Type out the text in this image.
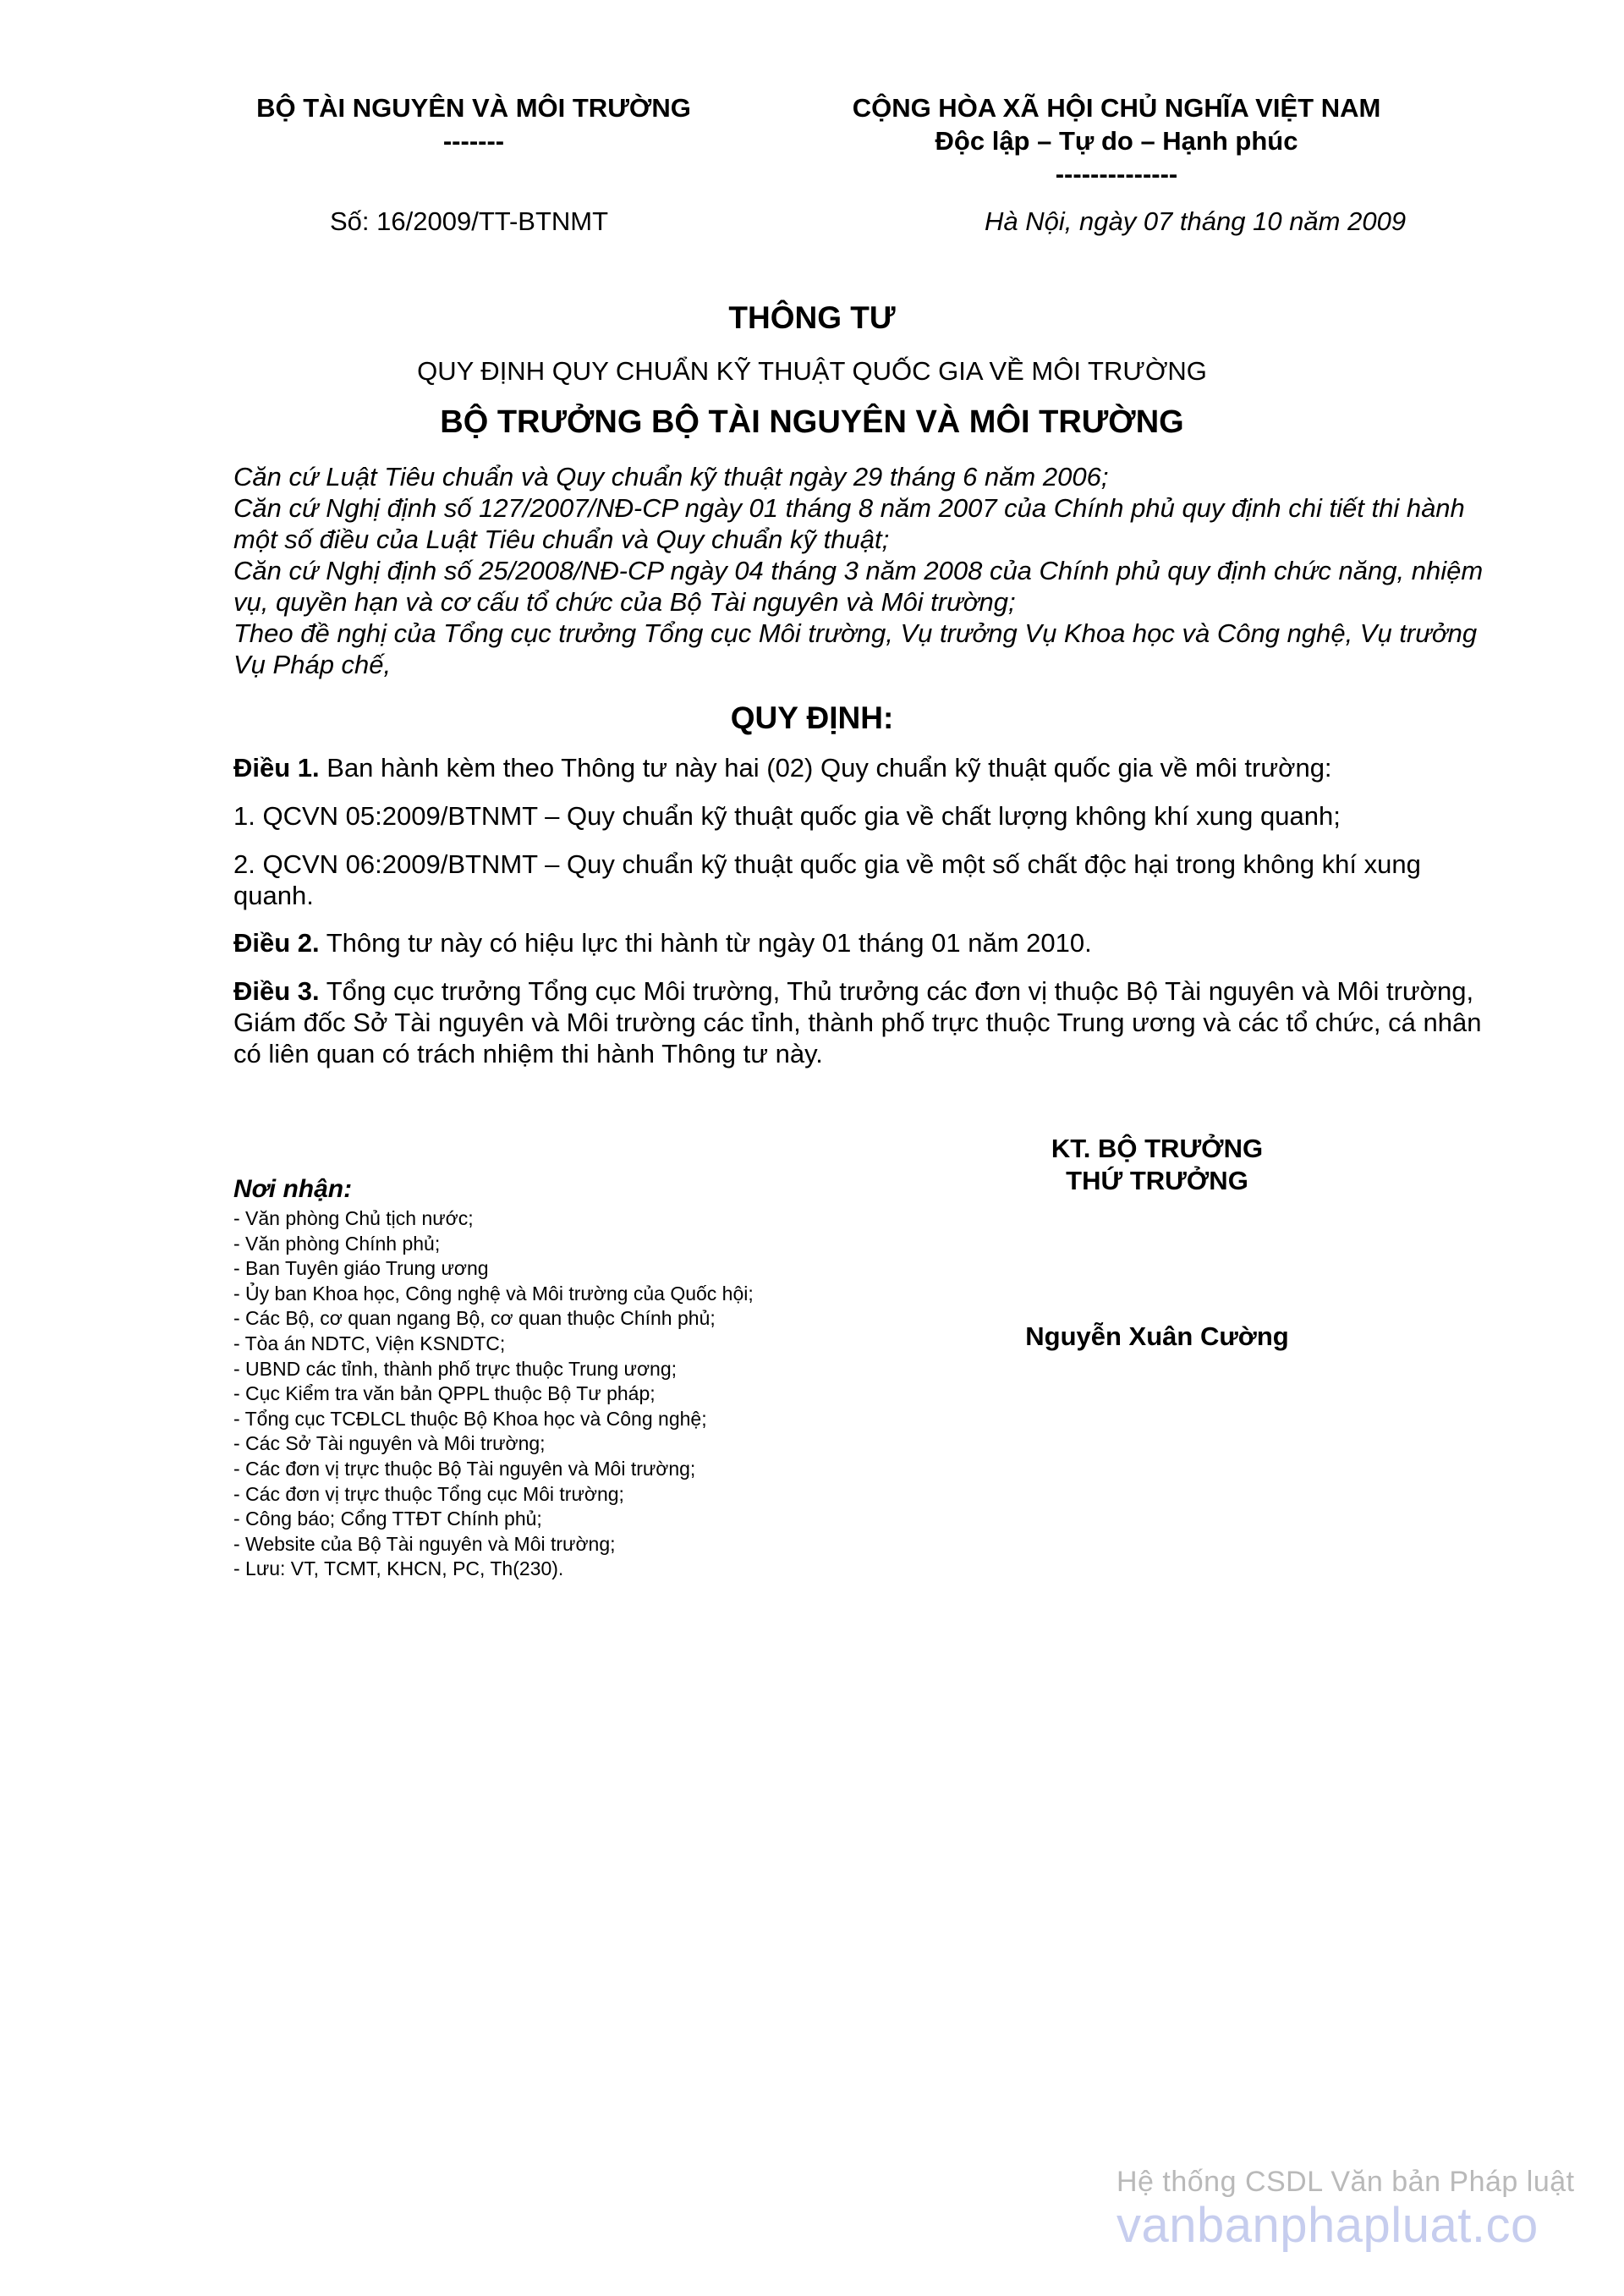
BỘ TÀI NGUYÊN VÀ MÔI TRƯỜNG
-------
CỘNG HÒA XÃ HỘI CHỦ NGHĨA VIỆT NAM
Độc lập – Tự do – Hạnh phúc
--------------
Số: 16/2009/TT-BTNMT	Hà Nội, ngày 07 tháng 10 năm 2009
THÔNG TƯ
QUY ĐỊNH QUY CHUẨN KỸ THUẬT QUỐC GIA VỀ MÔI TRƯỜNG
BỘ TRƯỞNG BỘ TÀI NGUYÊN VÀ MÔI TRƯỜNG

Căn cứ Luật Tiêu chuẩn và Quy chuẩn kỹ thuật ngày 29 tháng 6 năm 2006;

Căn cứ Nghị định số 127/2007/NĐ-CP ngày 01 tháng 8 năm 2007 của Chính phủ quy định chi tiết thi hành một số điều của Luật Tiêu chuẩn và Quy chuẩn kỹ thuật;

Căn cứ Nghị định số 25/2008/NĐ-CP ngày 04 tháng 3 năm 2008 của Chính phủ quy định chức năng, nhiệm vụ, quyền hạn và cơ cấu tổ chức của Bộ Tài nguyên và Môi trường;

Theo đề nghị của Tổng cục trưởng Tổng cục Môi trường, Vụ trưởng Vụ Khoa học và Công nghệ, Vụ trưởng Vụ Pháp chế,

QUY ĐỊNH:

Điều 1. Ban hành kèm theo Thông tư này hai (02) Quy chuẩn kỹ thuật quốc gia về môi trường:

1. QCVN 05:2009/BTNMT – Quy chuẩn kỹ thuật quốc gia về chất lượng không khí xung quanh;

2. QCVN 06:2009/BTNMT – Quy chuẩn kỹ thuật quốc gia về một số chất độc hại trong không khí xung quanh.

Điều 2. Thông tư này có hiệu lực thi hành từ ngày 01 tháng 01 năm 2010.

Điều 3. Tổng cục trưởng Tổng cục Môi trường, Thủ trưởng các đơn vị thuộc Bộ Tài nguyên và Môi trường, Giám đốc Sở Tài nguyên và Môi trường các tỉnh, thành phố trực thuộc Trung ương và các tổ chức, cá nhân có liên quan có trách nhiệm thi hành Thông tư này.

KT. BỘ TRƯỞNG
THỨ TRƯỞNG
Nguyễn Xuân Cường
Nơi nhận:
- Văn phòng Chủ tịch nước;
- Văn phòng Chính phủ;
- Ban Tuyên giáo Trung ương
- Ủy ban Khoa học, Công nghệ và Môi trường của Quốc hội;
- Các Bộ, cơ quan ngang Bộ, cơ quan thuộc Chính phủ;
- Tòa án NDTC, Viện KSNDTC;
- UBND các tỉnh, thành phố trực thuộc Trung ương;
- Cục Kiểm tra văn bản QPPL thuộc Bộ Tư pháp;
- Tổng cục TCĐLCL thuộc Bộ Khoa học và Công nghệ;
- Các Sở Tài nguyên và Môi trường;
- Các đơn vị trực thuộc Bộ Tài nguyên và Môi trường;
- Các đơn vị trực thuộc Tổng cục Môi trường;
- Công báo; Cổng TTĐT Chính phủ;
- Website của Bộ Tài nguyên và Môi trường;
- Lưu: VT, TCMT, KHCN, PC, Th(230).
Hệ thống CSDL Văn bản Pháp luật
vanbanphapluat.co
